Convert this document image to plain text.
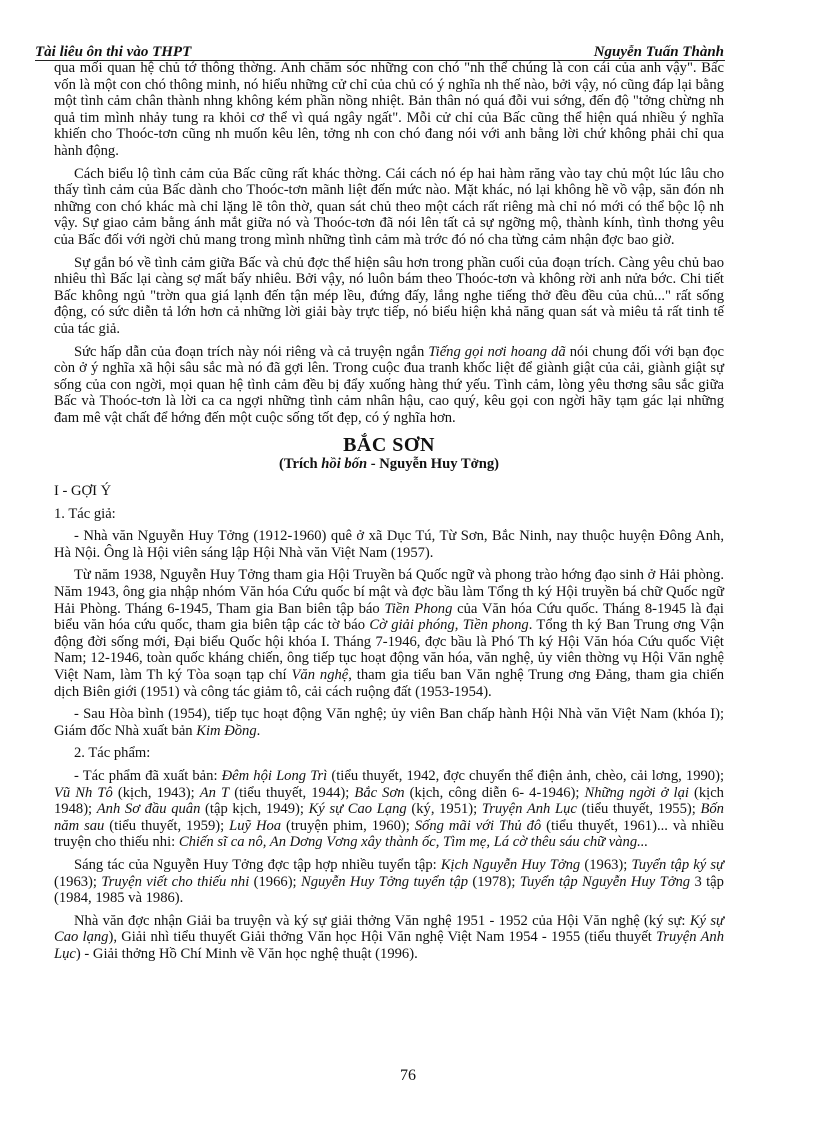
Tài liêu ôn thi vào THPT	Nguyễn Tuấn Thành

qua mối quan hệ chủ tớ thông thờng. Anh chăm sóc những con chó "nh thể chúng là con cái của anh vậy". Bấc vốn là một con chó thông minh, nó hiểu những cử chỉ của chủ có ý nghĩa nh thế nào, bởi vậy, nó cũng đáp lại bằng một tình cảm chân thành nhng không kém phần nồng nhiệt. Bản thân nó quá đỗi vui sớng, đến độ "tởng chừng nh quả tim mình nhảy tung ra khỏi cơ thể vì quá ngây ngất". Mỗi cử chỉ của Bấc cũng thể hiện quá nhiều ý nghĩa khiến cho Thoóc-tơn cũng nh muốn kêu lên, tởng nh con chó đang nói với anh bằng lời chứ không phải chỉ qua hành động.

Cách biểu lộ tình cảm của Bấc cũng rất khác thờng. Cái cách nó ép hai hàm răng vào tay chủ một lúc lâu cho thấy tình cảm của Bấc dành cho Thoóc-tơn mãnh liệt đến mức nào. Mặt khác, nó lại không hề vồ vập, săn đón nh những con chó khác mà chỉ lặng lẽ tôn thờ, quan sát chủ theo một cách rất riêng mà chỉ nó mới có thể bộc lộ nh vậy. Sự giao cảm bằng ánh mắt giữa nó và Thoóc-tơn đã nói lên tất cả sự ngỡng mộ, thành kính, tình thơng yêu của Bấc đối với ngời chủ mang trong mình những tình cảm mà trớc đó nó cha từng cảm nhận đợc bao giờ.

Sự gắn bó về tình cảm giữa Bấc và chủ đợc thể hiện sâu hơn trong phần cuối của đoạn trích. Càng yêu chủ bao nhiêu thì Bấc lại càng sợ mất bấy nhiêu. Bởi vậy, nó luôn bám theo Thoóc-tơn và không rời anh nửa bớc. Chi tiết Bấc không ngủ "trờn qua giá lạnh đến tận mép lều, đứng đấy, lắng nghe tiếng thở đều đều của chủ..." rất sống động, có sức diễn tả lớn hơn cả những lời giải bày trực tiếp, nó biểu hiện khả năng quan sát và miêu tả rất tinh tế của tác giả.

Sức hấp dẫn của đoạn trích này nói riêng và cả truyện ngắn Tiếng gọi nơi hoang dã nói chung đối với bạn đọc còn ở ý nghĩa xã hội sâu sắc mà nó đã gợi lên. Trong cuộc đua tranh khốc liệt để giành giật của cải, giành giật sự sống của con ngời, mọi quan hệ tình cảm đều bị đẩy xuống hàng thứ yếu. Tình cảm, lòng yêu thơng sâu sắc giữa Bấc và Thoóc-tơn là lời ca ca ngợi những tình cảm nhân hậu, cao quý, kêu gọi con ngời hãy tạm gác lại những đam mê vật chất để hớng đến một cuộc sống tốt đẹp, có ý nghĩa hơn.

BẮC SƠN
(Trích hồi bốn - Nguyễn Huy Tởng)

I - GỢI Ý

1. Tác giả:

- Nhà văn Nguyễn Huy Tởng (1912-1960) quê ở xã Dục Tú, Từ Sơn, Bắc Ninh, nay thuộc huyện Đông Anh, Hà Nội. Ông là Hội viên sáng lập Hội Nhà văn Việt Nam (1957).

Từ năm 1938, Nguyễn Huy Tởng tham gia Hội Truyền bá Quốc ngữ và phong trào hớng đạo sinh ở Hải phòng. Năm 1943, ông gia nhập nhóm Văn hóa Cứu quốc bí mật và đợc bầu làm Tổng th ký Hội truyền bá chữ Quốc ngữ Hải Phòng. Tháng 6-1945, Tham gia Ban biên tập báo Tiền Phong của Văn hóa Cứu quốc. Tháng 8-1945 là đại biểu văn hóa cứu quốc, tham gia biên tập các tờ báo Cờ giải phóng, Tiền phong. Tổng th ký Ban Trung ơng Vận động đời sống mới, Đại biểu Quốc hội khóa I. Tháng 7-1946, đợc bầu là Phó Th ký Hội Văn hóa Cứu quốc Việt Nam; 12-1946, toàn quốc kháng chiến, ông tiếp tục hoạt động văn hóa, văn nghệ, ủy viên thờng vụ Hội Văn nghệ Việt Nam, làm Th ký Tòa soạn tạp chí Văn nghệ, tham gia tiểu ban Văn nghệ Trung ơng Đảng, tham gia chiến dịch Biên giới (1951) và công tác giảm tô, cải cách ruộng đất (1953-1954).

- Sau Hòa bình (1954), tiếp tục hoạt động Văn nghệ; ủy viên Ban chấp hành Hội Nhà văn Việt Nam (khóa I); Giám đốc Nhà xuất bản Kim Đồng.

2. Tác phẩm:

- Tác phẩm đã xuất bản: Đêm hội Long Trì (tiểu thuyết, 1942, đợc chuyển thể điện ảnh, chèo, cải lơng, 1990); Vũ Nh Tô (kịch, 1943); An T (tiểu thuyết, 1944); Bắc Sơn (kịch, công diễn 6- 4-1946); Những ngời ở lại (kịch 1948); Anh Sơ đầu quân (tập kịch, 1949); Ký sự Cao Lạng (ký, 1951); Truyện Anh Lục (tiểu thuyết, 1955); Bốn năm sau (tiểu thuyết, 1959); Luỹ Hoa (truyện phim, 1960); Sống mãi với Thủ đô (tiểu thuyết, 1961)... và nhiều truyện cho thiếu nhi: Chiến sĩ ca nô, An Dơng Vơng xây thành ốc, Tìm mẹ, Lá cờ thêu sáu chữ vàng...

Sáng tác của Nguyễn Huy Tởng đợc tập hợp nhiều tuyển tập: Kịch Nguyễn Huy Tởng (1963); Tuyển tập ký sự (1963); Truyện viết cho thiếu nhi (1966); Nguyễn Huy Tởng tuyển tập (1978); Tuyển tập Nguyễn Huy Tởng 3 tập (1984, 1985 và 1986).

Nhà văn đợc nhận Giải ba truyện và ký sự giải thởng Văn nghệ 1951 - 1952 của Hội Văn nghệ (ký sự: Ký sự Cao lạng), Giải nhì tiểu thuyết Giải thởng Văn học Hội Văn nghệ Việt Nam 1954 - 1955 (tiểu thuyết Truyện Anh Lục) - Giải thởng Hồ Chí Minh về Văn học nghệ thuật (1996).

76
